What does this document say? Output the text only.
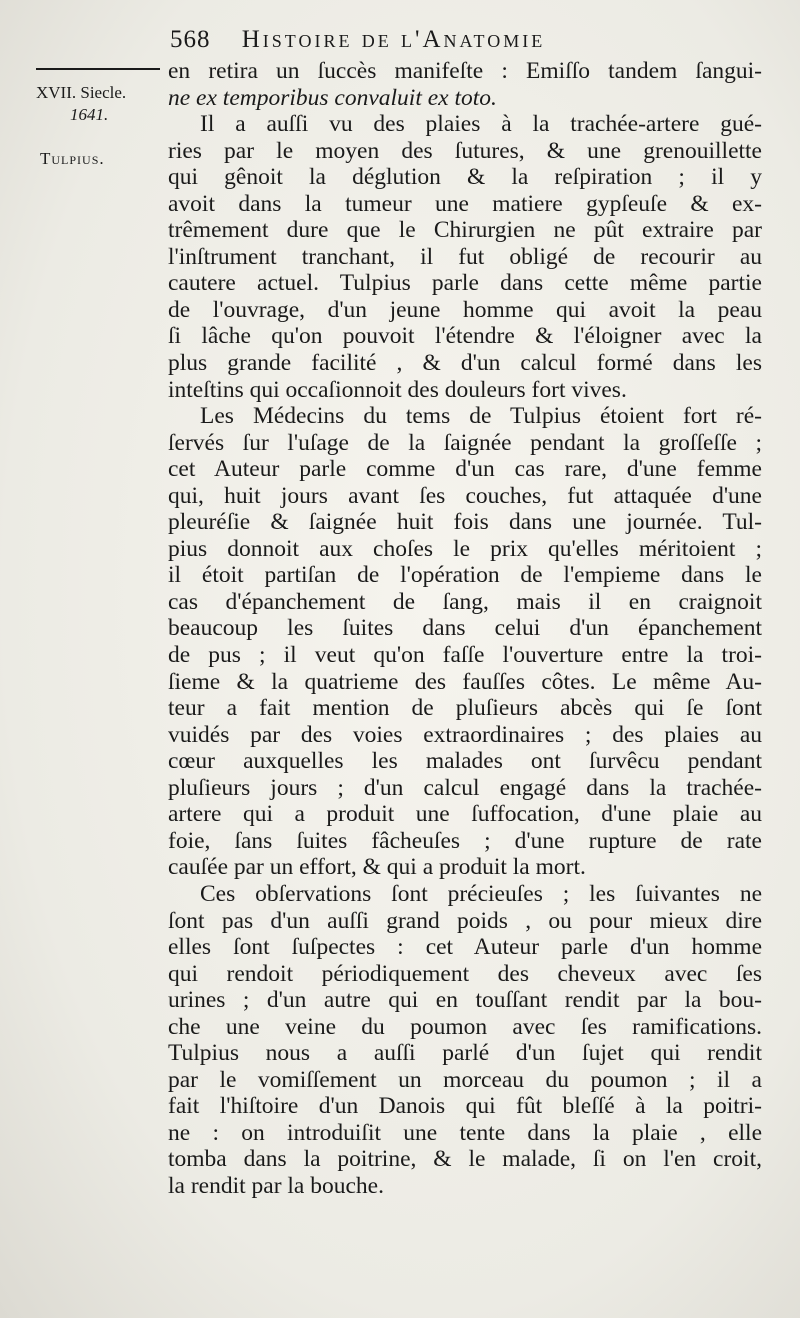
568 Histoire de l'Anatomie
XVII. Siecle.
1641.
Tulpius.
en retira un ſuccès manifeſte : Emiſſo tandem ſangui-
ne ex temporibus convaluit ex toto.
Il a auſſi vu des plaies à la trachée-artere gué-
ries par le moyen des ſutures, & une grenouillette
qui gênoit la déglution & la reſpiration ; il y
avoit dans la tumeur une matiere gypſeuſe & ex-
trêmement dure que le Chirurgien ne pût extraire par
l'inſtrument tranchant, il fut obligé de recourir au
cautere actuel. Tulpius parle dans cette même partie
de l'ouvrage, d'un jeune homme qui avoit la peau
ſi lâche qu'on pouvoit l'étendre & l'éloigner avec la
plus grande facilité , & d'un calcul formé dans les
inteſtins qui occaſionnoit des douleurs fort vives.
Les Médecins du tems de Tulpius étoient fort ré-
ſervés ſur l'uſage de la ſaignée pendant la groſſeſſe ;
cet Auteur parle comme d'un cas rare, d'une femme
qui, huit jours avant ſes couches, fut attaquée d'une
pleuréſie & ſaignée huit fois dans une journée. Tul-
pius donnoit aux choſes le prix qu'elles méritoient ;
il étoit partiſan de l'opération de l'empieme dans le
cas d'épanchement de ſang, mais il en craignoit
beaucoup les ſuites dans celui d'un épanchement
de pus ; il veut qu'on faſſe l'ouverture entre la troi-
ſieme & la quatrieme des fauſſes côtes. Le même Au-
teur a fait mention de pluſieurs abcès qui ſe ſont
vuidés par des voies extraordinaires ; des plaies au
cœur auxquelles les malades ont ſurvêcu pendant
pluſieurs jours ; d'un calcul engagé dans la trachée-
artere qui a produit une ſuffocation, d'une plaie au
foie, ſans ſuites fâcheuſes ; d'une rupture de rate
cauſée par un effort, & qui a produit la mort.
Ces obſervations ſont précieuſes ; les ſuivantes ne
ſont pas d'un auſſi grand poids , ou pour mieux dire
elles ſont ſuſpectes : cet Auteur parle d'un homme
qui rendoit périodiquement des cheveux avec ſes
urines ; d'un autre qui en touſſant rendit par la bou-
che une veine du poumon avec ſes ramifications.
Tulpius nous a auſſi parlé d'un ſujet qui rendit
par le vomiſſement un morceau du poumon ; il a
fait l'hiſtoire d'un Danois qui fût bleſſé à la poitri-
ne : on introduiſit une tente dans la plaie , elle
tomba dans la poitrine, & le malade, ſi on l'en croit,
la rendit par la bouche.
